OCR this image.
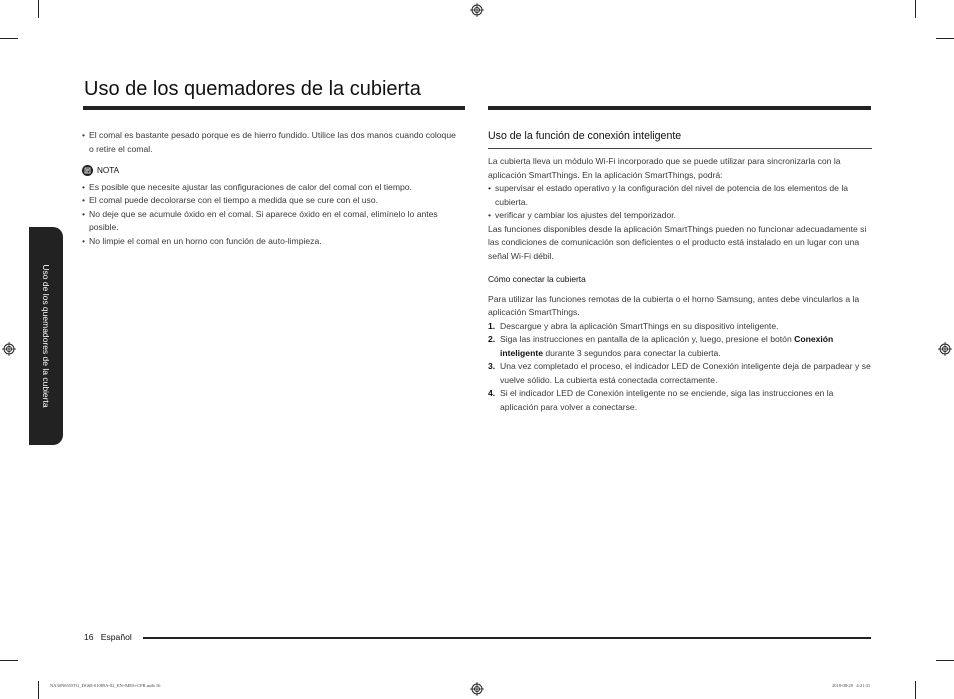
Uso de los quemadores de la cubierta
Uso de los quemadores de la cubierta
• El comal es bastante pesado porque es de hierro fundido. Utilice las dos manos cuando coloque o retire el comal.
NOTA
• Es posible que necesite ajustar las configuraciones de calor del comal con el tiempo.
• El comal puede decolorarse con el tiempo a medida que se cure con el uso.
• No deje que se acumule óxido en el comal. Si aparece óxido en el comal, elimínelo lo antes posible.
• No limpie el comal en un horno con función de auto-limpieza.
Uso de la función de conexión inteligente

La cubierta lleva un módulo Wi-Fi incorporado que se puede utilizar para sincronizarla con la aplicación SmartThings. En la aplicación SmartThings, podrá:

• supervisar el estado operativo y la configuración del nivel de potencia de los elementos de la cubierta.
• verificar y cambiar los ajustes del temporizador.

Las funciones disponibles desde la aplicación SmartThings pueden no funcionar adecuadamente si las condiciones de comunicación son deficientes o el producto está instalado en un lugar con una señal Wi-Fi débil.

Cómo conectar la cubierta

Para utilizar las funciones remotas de la cubierta o el horno Samsung, antes debe vincularlos a la aplicación SmartThings.

1. Descargue y abra la aplicación SmartThings en su dispositivo inteligente.
2. Siga las instrucciones en pantalla de la aplicación y, luego, presione el botón Conexión inteligente durante 3 segundos para conectar la cubierta.
3. Una vez completado el proceso, el indicador LED de Conexión inteligente deja de parpadear y se vuelve sólido. La cubierta está conectada correctamente.
4. Si el indicador LED de Conexión inteligente no se enciende, siga las instrucciones en la aplicación para volver a conectarse.
16 Español
NA30N6555TG_DG68-01089A-02_EN+MES+CFR.indb 16	2018-08-29   4:21:31
